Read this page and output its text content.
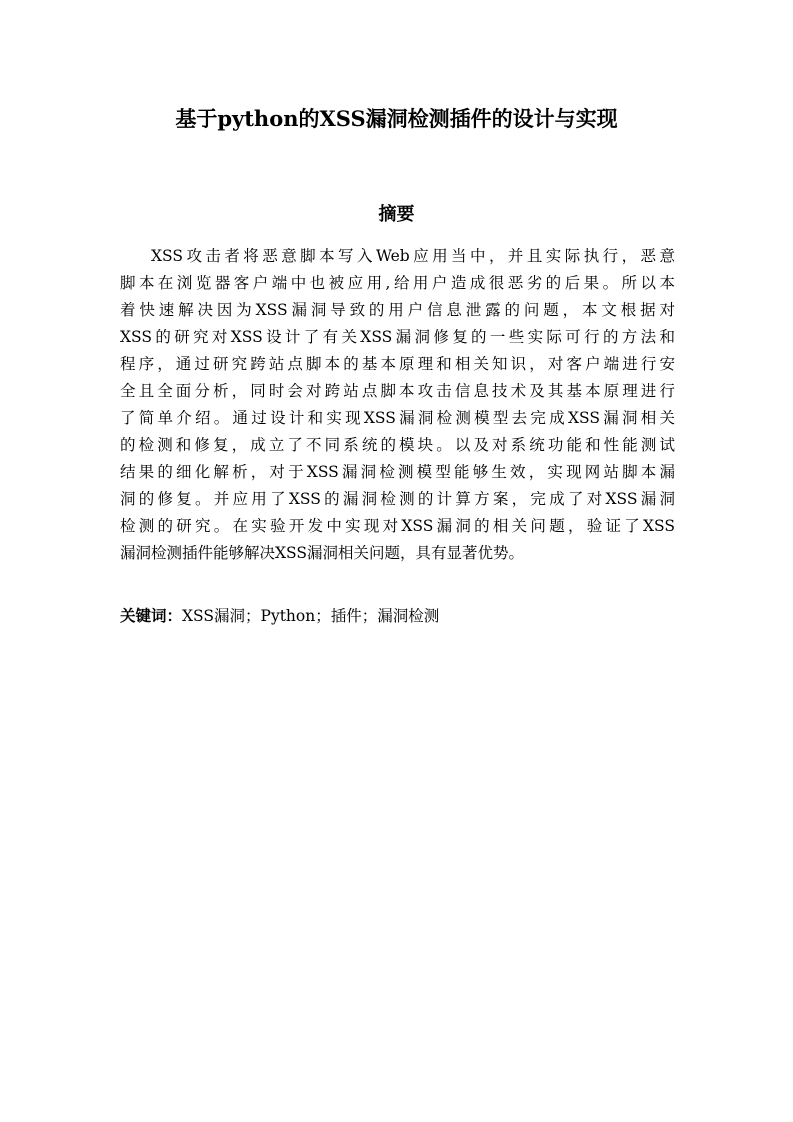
基于python的XSS漏洞检测插件的设计与实现
摘要
XSS攻击者将恶意脚本写入Web应用当中，并且实际执行，恶意
脚本在浏览器客户端中也被应用,给用户造成很恶劣的后果。所以本
着快速解决因为XSS漏洞导致的用户信息泄露的问题，本文根据对
XSS的研究对XSS设计了有关XSS漏洞修复的一些实际可行的方法和
程序，通过研究跨站点脚本的基本原理和相关知识，对客户端进行安
全且全面分析，同时会对跨站点脚本攻击信息技术及其基本原理进行
了简单介绍。通过设计和实现XSS漏洞检测模型去完成XSS漏洞相关
的检测和修复，成立了不同系统的模块。以及对系统功能和性能测试
结果的细化解析，对于XSS漏洞检测模型能够生效，实现网站脚本漏
洞的修复。并应用了XSS的漏洞检测的计算方案，完成了对XSS漏洞
检测的研究。在实验开发中实现对XSS漏洞的相关问题，验证了XSS
漏洞检测插件能够解决XSS漏洞相关问题，具有显著优势。
关键词：XSS漏洞；Python；插件；漏洞检测
